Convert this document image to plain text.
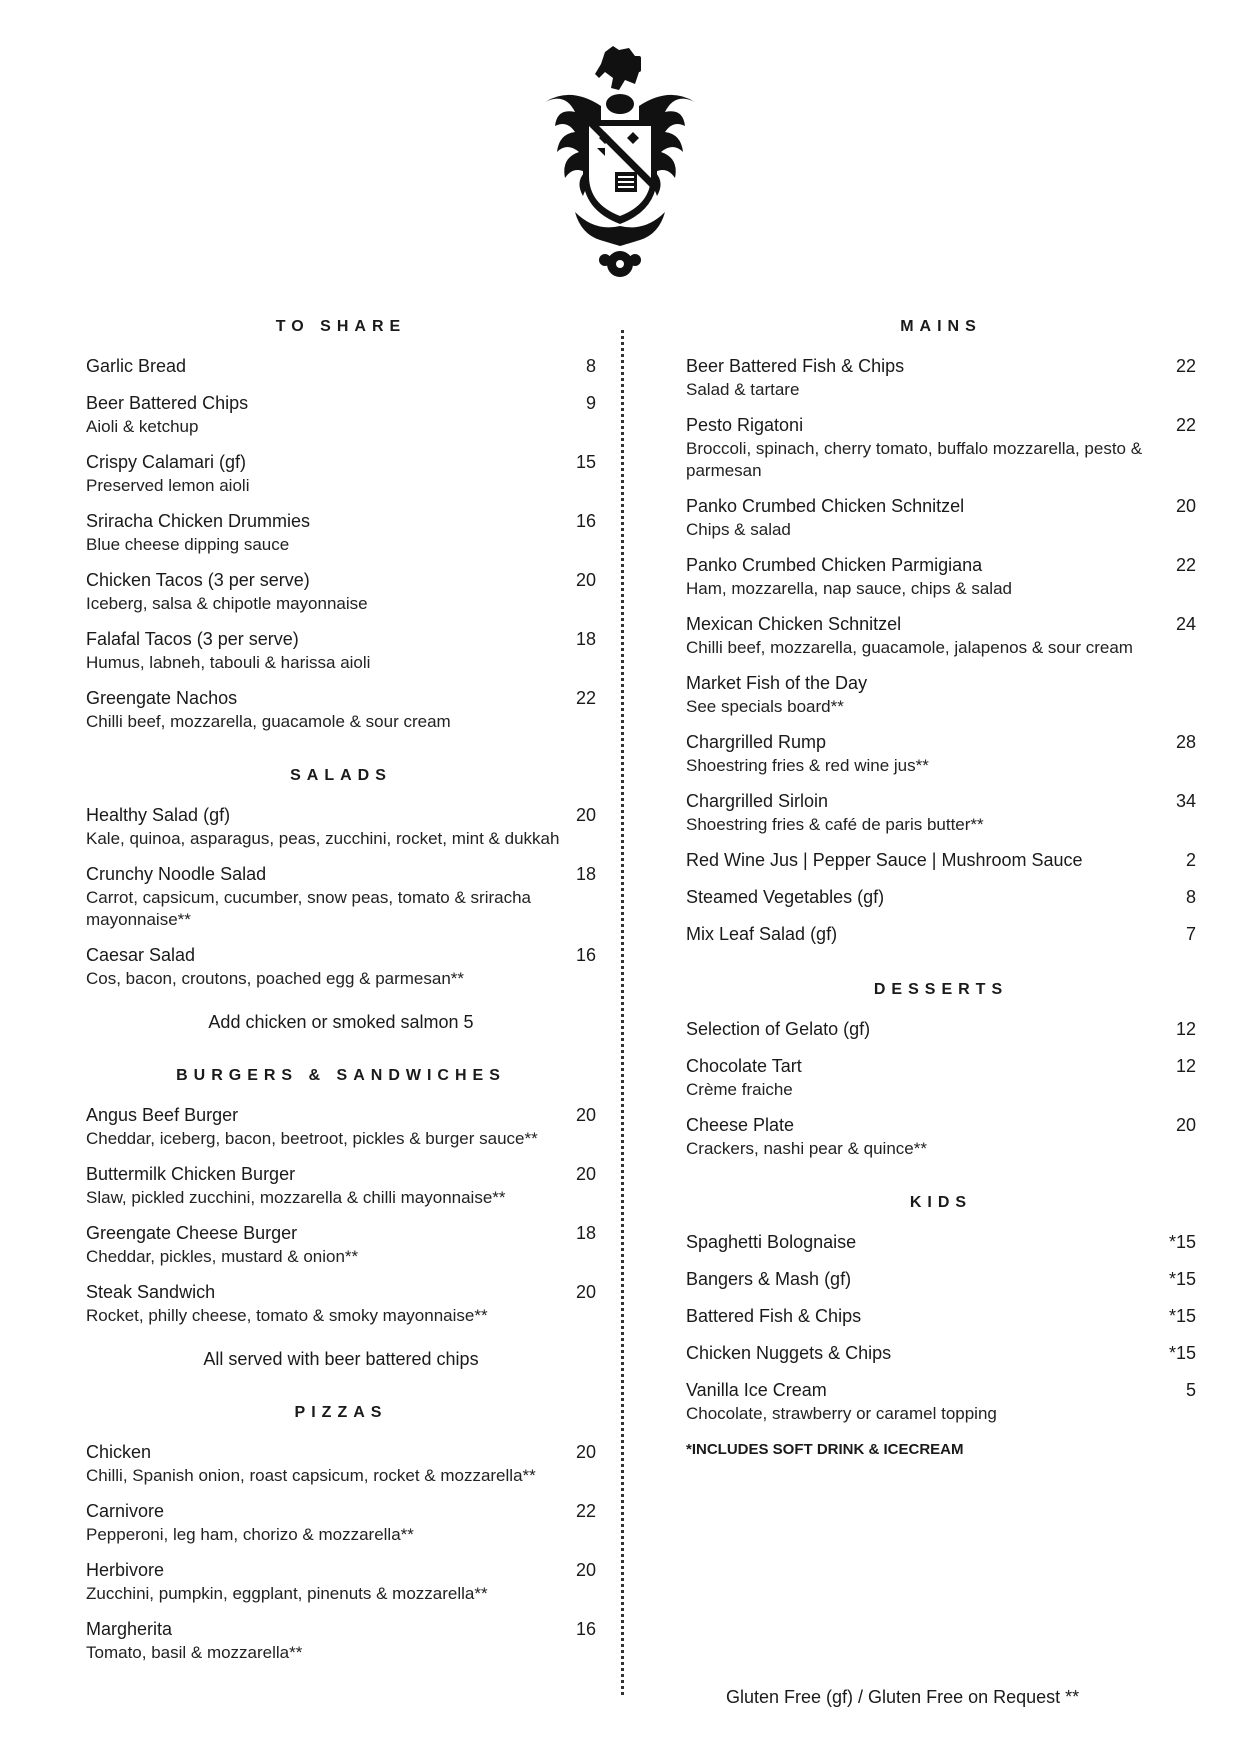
TO SHARE
Garlic Bread	8
Beer Battered Chips	9
Aioli & ketchup
Crispy Calamari (gf)	15
Preserved lemon aioli
Sriracha Chicken Drummies	16
Blue cheese dipping sauce
Chicken Tacos (3 per serve)	20
Iceberg, salsa & chipotle mayonnaise
Falafal Tacos (3 per serve)	18
Humus, labneh, tabouli & harissa aioli
Greengate Nachos	22
Chilli beef, mozzarella, guacamole & sour cream
SALADS
Healthy Salad (gf)	20
Kale, quinoa, asparagus, peas, zucchini, rocket, mint & dukkah
Crunchy Noodle Salad	18
Carrot, capsicum, cucumber, snow peas, tomato & sriracha mayonnaise**
Caesar Salad	16
Cos, bacon, croutons, poached egg & parmesan**
Add chicken or smoked salmon 5
BURGERS & SANDWICHES
Angus Beef Burger	20
Cheddar, iceberg, bacon, beetroot, pickles & burger sauce**
Buttermilk Chicken Burger	20
Slaw, pickled zucchini, mozzarella & chilli mayonnaise**
Greengate Cheese Burger	18
Cheddar, pickles, mustard & onion**
Steak Sandwich	20
Rocket, philly cheese, tomato & smoky mayonnaise**
All served with beer battered chips
PIZZAS
Chicken	20
Chilli, Spanish onion, roast capsicum, rocket & mozzarella**
Carnivore	22
Pepperoni, leg ham, chorizo & mozzarella**
Herbivore	20
Zucchini, pumpkin, eggplant, pinenuts & mozzarella**
Margherita	16
Tomato, basil & mozzarella**
MAINS
Beer Battered Fish & Chips	22
Salad & tartare
Pesto Rigatoni	22
Broccoli, spinach, cherry tomato, buffalo mozzarella, pesto & parmesan
Panko Crumbed Chicken Schnitzel	20
Chips & salad
Panko Crumbed Chicken Parmigiana	22
Ham, mozzarella, nap sauce, chips & salad
Mexican Chicken Schnitzel	24
Chilli beef, mozzarella, guacamole, jalapenos & sour cream
Market Fish of the Day
See specials board**
Chargrilled Rump	28
Shoestring fries & red wine jus**
Chargrilled Sirloin	34
Shoestring fries & café de paris butter**
Red Wine Jus | Pepper Sauce | Mushroom Sauce	2
Steamed Vegetables (gf)	8
Mix Leaf Salad (gf)	7
DESSERTS
Selection of Gelato (gf)	12
Chocolate Tart	12
Crème fraiche
Cheese Plate	20
Crackers, nashi pear & quince**
KIDS
Spaghetti Bolognaise	*15
Bangers & Mash (gf)	*15
Battered Fish & Chips	*15
Chicken Nuggets & Chips	*15
Vanilla Ice Cream	5
Chocolate, strawberry or caramel topping
*INCLUDES SOFT DRINK & ICECREAM
Gluten Free (gf) / Gluten Free on Request **
